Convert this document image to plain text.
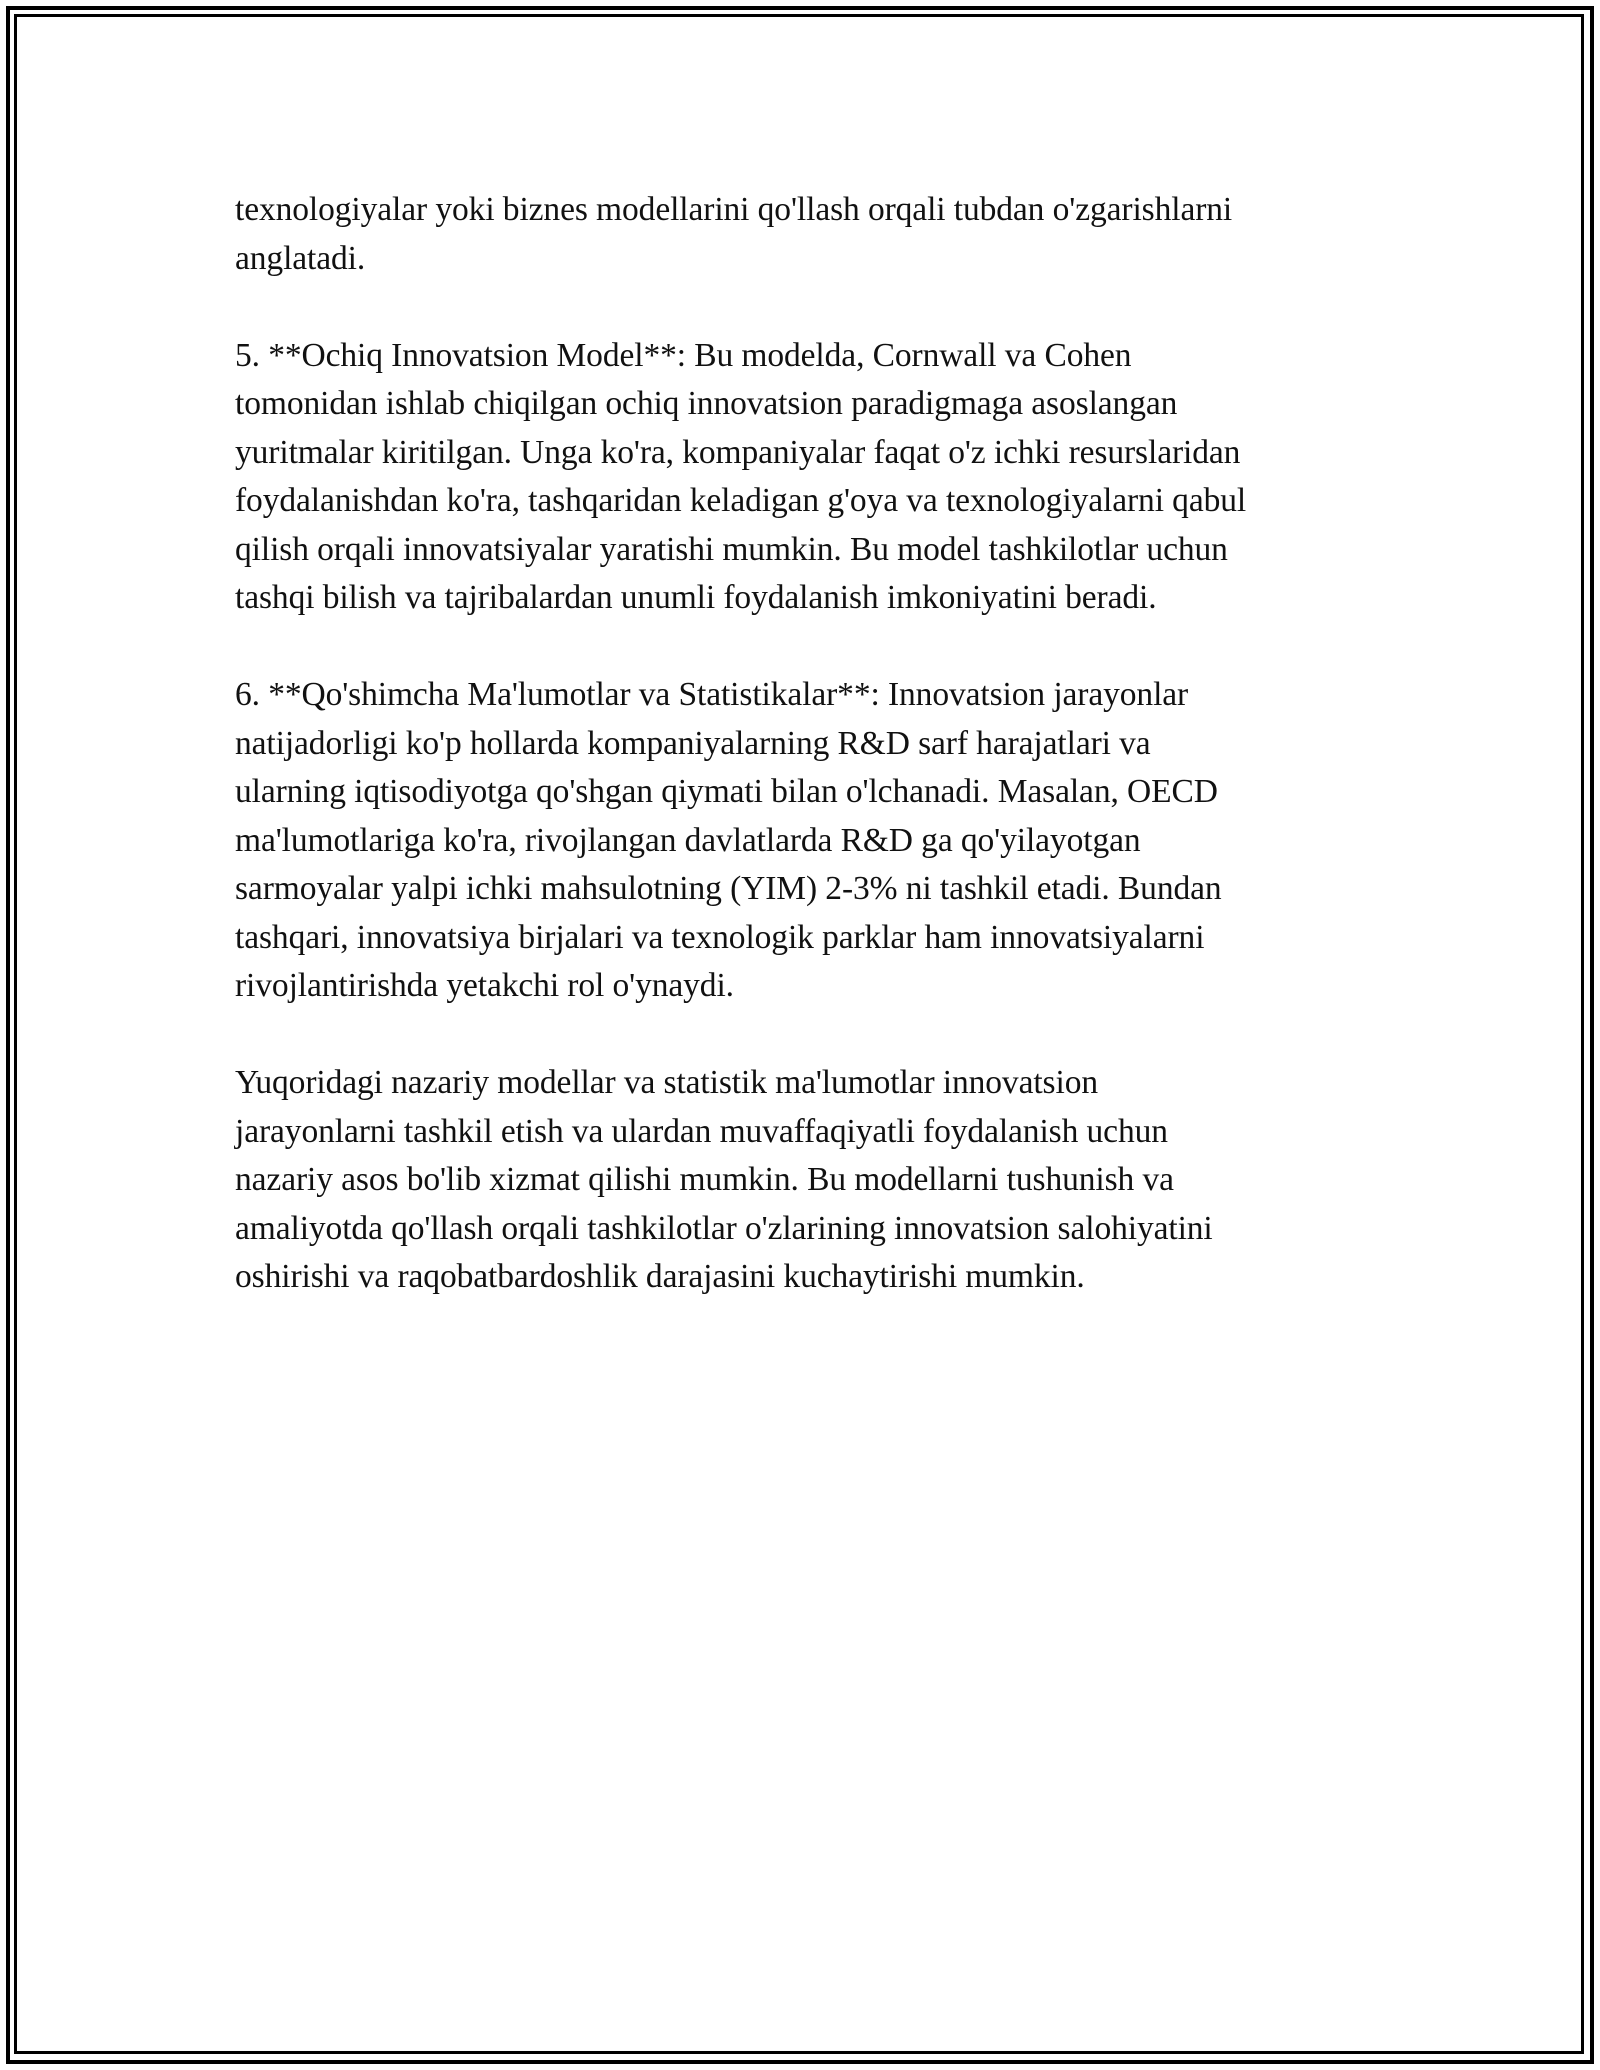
texnologiyalar yoki biznes modellarini qo'llash orqali tubdan o'zgarishlarni
anglatadi.

5. **Ochiq Innovatsion Model**: Bu modelda, Cornwall va Cohen
tomonidan ishlab chiqilgan ochiq innovatsion paradigmaga asoslangan
yuritmalar kiritilgan. Unga ko'ra, kompaniyalar faqat o'z ichki resurslaridan
foydalanishdan ko'ra, tashqaridan keladigan g'oya va texnologiyalarni qabul
qilish orqali innovatsiyalar yaratishi mumkin. Bu model tashkilotlar uchun
tashqi bilish va tajribalardan unumli foydalanish imkoniyatini beradi.

6. **Qo'shimcha Ma'lumotlar va Statistikalar**: Innovatsion jarayonlar
natijadorligi ko'p hollarda kompaniyalarning R&D sarf harajatlari va
ularning iqtisodiyotga qo'shgan qiymati bilan o'lchanadi. Masalan, OECD
ma'lumotlariga ko'ra, rivojlangan davlatlarda R&D ga qo'yilayotgan
sarmoyalar yalpi ichki mahsulotning (YIM) 2-3% ni tashkil etadi. Bundan
tashqari, innovatsiya birjalari va texnologik parklar ham innovatsiyalarni
rivojlantirishda yetakchi rol o'ynaydi.

Yuqoridagi nazariy modellar va statistik ma'lumotlar innovatsion
jarayonlarni tashkil etish va ulardan muvaffaqiyatli foydalanish uchun
nazariy asos bo'lib xizmat qilishi mumkin. Bu modellarni tushunish va
amaliyotda qo'llash orqali tashkilotlar o'zlarining innovatsion salohiyatini
oshirishi va raqobatbardoshlik darajasini kuchaytirishi mumkin.
